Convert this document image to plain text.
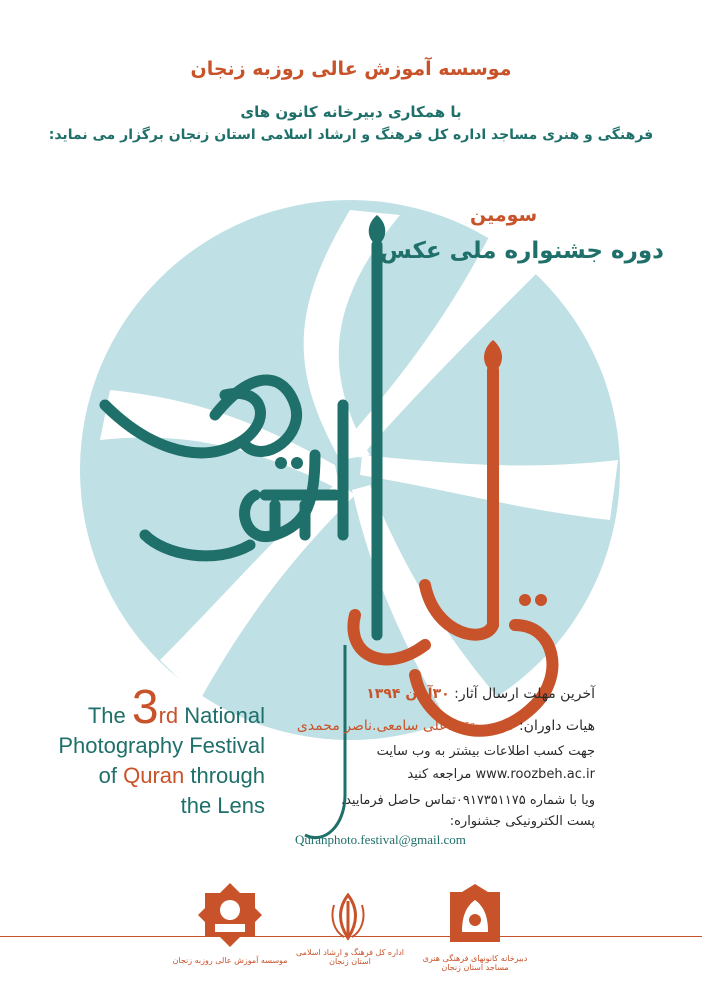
موسسه آموزش عالی روزبه زنجان
با همکاری دبیرخانه کانون های
فرهنگی و هنری مساجد اداره کل فرهنگ و ارشاد اسلامی استان زنجان برگزار می نماید:
سومین
دوره جشنواره ملی عکس
The 3rd National
Photography Festival
of Quran through
the Lens
آخرین مهلت ارسال آثار: ۳۰آبان ۱۳۹۴
هیات داوران: کریم متقی.علی سامعی.ناصر محمدی
جهت کسب اطلاعات بیشتر به وب سایت
www.roozbeh.ac.ir مراجعه کنید
ویا با شماره ۰۹۱۷۳۵۱۱۷۵تماس حاصل فرمایید.
پست الکترونیکی جشنواره:
Quranphoto.festival@gmail.com
موسسه آموزش عالی روزبه زنجان
اداره کل فرهنگ و ارشاد اسلامی استان زنجان	دبیرخانه کانونهای فرهنگی هنری مساجد استان زنجان
